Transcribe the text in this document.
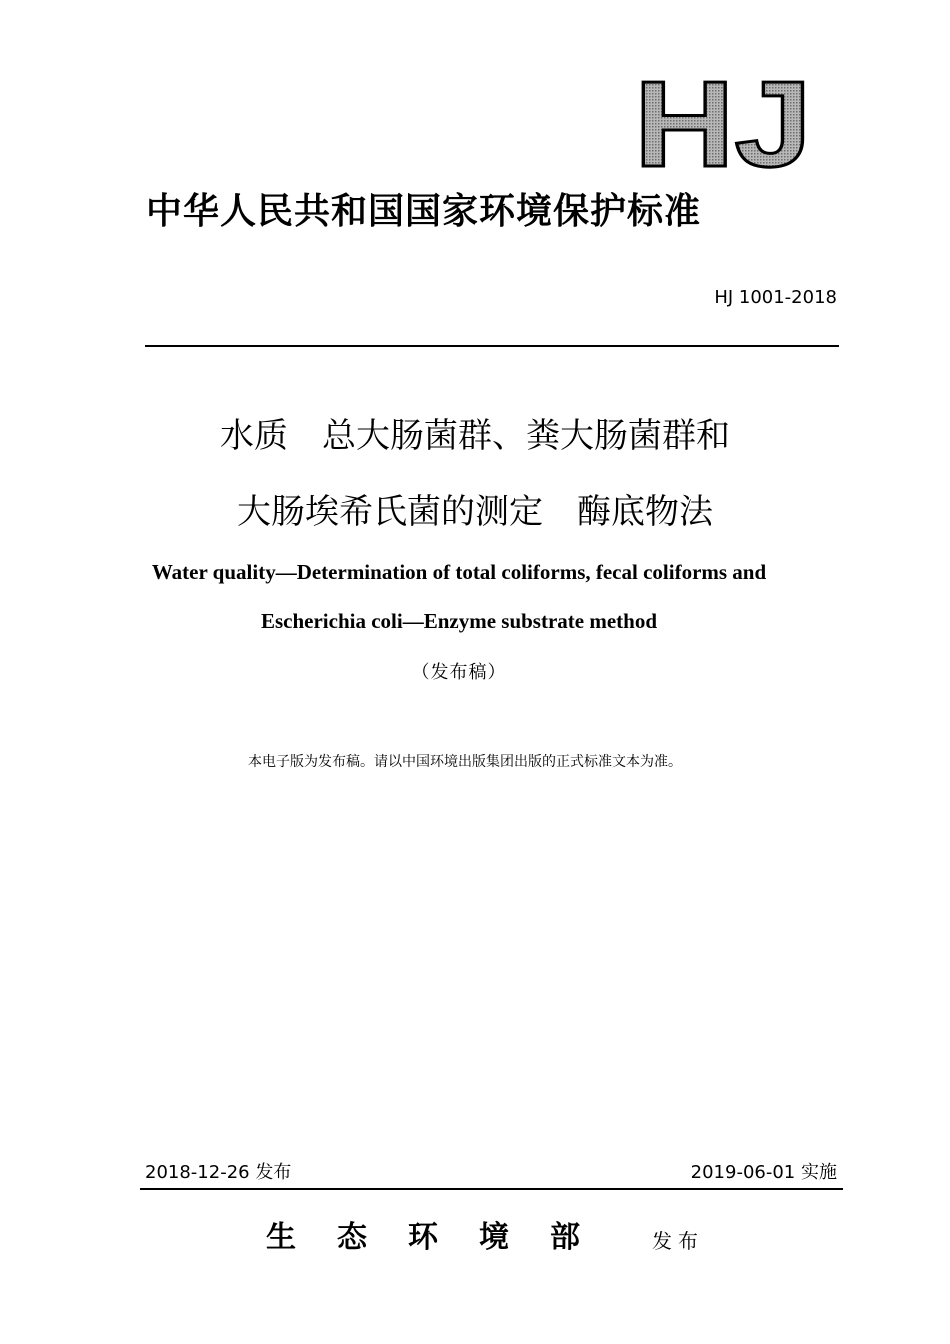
HJ
中华人民共和国国家环境保护标准
HJ 1001-2018
水质　总大肠菌群、粪大肠菌群和
大肠埃希氏菌的测定　酶底物法
Water quality—Determination of total coliforms, fecal coliforms and
Escherichia coli—Enzyme substrate method
（发布稿）
本电子版为发布稿。请以中国环境出版集团出版的正式标准文本为准。
2018-12-26 发布	2019-06-01 实施
生态环境部 发布
